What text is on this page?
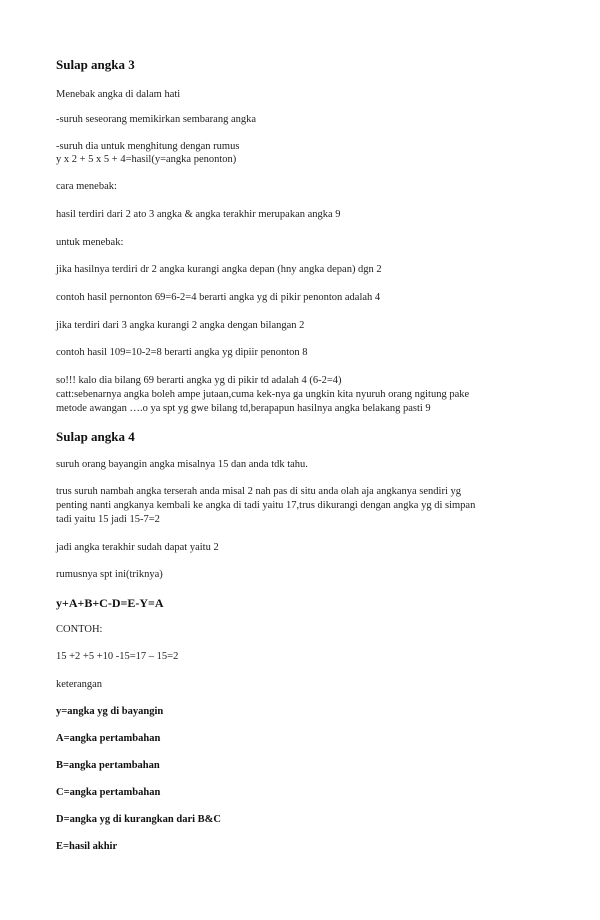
Sulap angka 3

Menebak angka di dalam hati

-suruh seseorang memikirkan sembarang angka

-suruh dia untuk menghitung dengan rumus

y x 2 + 5 x 5 + 4=hasil(y=angka penonton)

cara menebak:

hasil terdiri dari 2 ato 3 angka & angka terakhir merupakan angka 9

untuk menebak:

jika hasilnya terdiri dr 2 angka kurangi angka depan (hny angka depan) dgn 2

contoh hasil pernonton 69=6-2=4 berarti angka yg di pikir penonton adalah 4

jika terdiri dari 3 angka kurangi 2 angka dengan bilangan 2

contoh hasil 109=10-2=8 berarti angka yg dipiir penonton 8

so!!! kalo dia bilang 69 berarti angka yg di pikir td adalah 4 (6-2=4)

catt:sebenarnya angka boleh ampe jutaan,cuma kek-nya ga ungkin kita nyuruh orang ngitung pake

metode awangan ….o ya spt yg gwe bilang td,berapapun hasilnya angka belakang pasti 9

Sulap angka 4

suruh orang bayangin angka misalnya 15 dan anda tdk tahu.

trus suruh nambah angka terserah anda misal 2 nah pas di situ anda olah aja angkanya sendiri yg

penting nanti angkanya kembali ke angka di tadi yaitu 17,trus dikurangi dengan angka yg di simpan

tadi yaitu 15 jadi 15-7=2

jadi angka terakhir sudah dapat yaitu 2

rumusnya spt ini(triknya)

y+A+B+C-D=E-Y=A

CONTOH:

15 +2 +5 +10 -15=17 – 15=2

keterangan

y=angka yg di bayangin

A=angka pertambahan

B=angka pertambahan

C=angka pertambahan

D=angka yg di kurangkan dari B&C

E=hasil akhir
